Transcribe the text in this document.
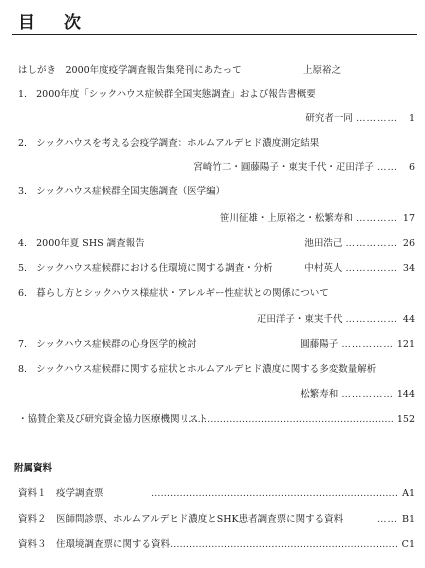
目　次
はしがき　2000年度疫学調査報告集発刊にあたって	上原裕之
1. 2000年度「シックハウス症候群全国実態調査」および報告書概要
研究者一同 ………… 1
2. シックハウスを考える会疫学調査：ホルムアルデヒド濃度測定結果
宮崎竹二・圓藤陽子・東実千代・疋田洋子 …… 6
3. シックハウス症候群全国実態調査（医学編）
笹川征雄・上原裕之・松繁寿和 ………… 17
4. 2000年夏 SHS 調査報告	池田浩己 …………… 26
5. シックハウス症候群における住環境に関する調査・分析	中村英人 …………… 34
6. 暮らし方とシックハウス様症状・アレルギー性症状との関係について
疋田洋子・東実千代 …………… 44
7. シックハウス症候群の心身医学的検討	圓藤陽子 …………… 121
8. シックハウス症候群に関する症状とホルムアルデヒド濃度に関する多変数量解析
松繁寿和 …………… 144
・協賛企業及び研究資金協力医療機関リスト
………………………………………………………… 152
附属資料
資料１　疫学調査票	…………………………………………………………………… A1
資料２　医師問診票、ホルムアルデヒド濃度とSHK患者調査票に関する資料	…… B1
資料３　住環境調査票に関する資料 ……………………………………………………………… C1
